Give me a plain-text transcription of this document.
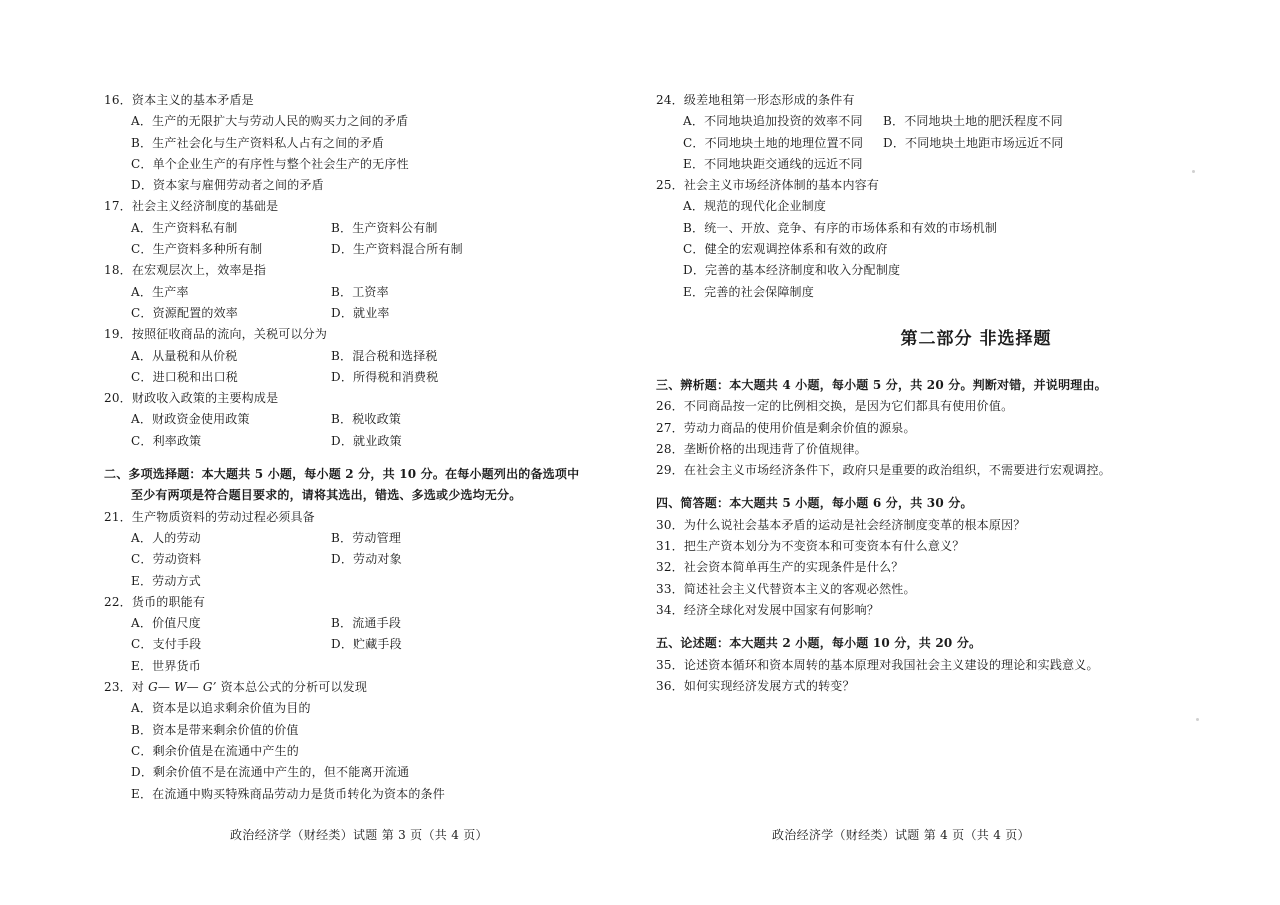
16．资本主义的基本矛盾是
A．生产的无限扩大与劳动人民的购买力之间的矛盾
B．生产社会化与生产资料私人占有之间的矛盾
C．单个企业生产的有序性与整个社会生产的无序性
D．资本家与雇佣劳动者之间的矛盾
17．社会主义经济制度的基础是
A．生产资料私有制	B．生产资料公有制
C．生产资料多种所有制	D．生产资料混合所有制
18．在宏观层次上，效率是指
A．生产率	B．工资率
C．资源配置的效率	D．就业率
19．按照征收商品的流向，关税可以分为
A．从量税和从价税	B．混合税和选择税
C．进口税和出口税	D．所得税和消费税
20．财政收入政策的主要构成是
A．财政资金使用政策	B．税收政策
C．利率政策	D．就业政策
二、多项选择题：本大题共 5 小题，每小题 2 分，共 10 分。在每小题列出的备选项中
至少有两项是符合题目要求的，请将其选出，错选、多选或少选均无分。
21．生产物质资料的劳动过程必须具备
A．人的劳动	B．劳动管理
C．劳动资料	D．劳动对象
E．劳动方式
22．货币的职能有
A．价值尺度	B．流通手段
C．支付手段	D．贮藏手段
E．世界货币
23．对 G— W— G’ 资本总公式的分析可以发现
A．资本是以追求剩余价值为目的
B．资本是带来剩余价值的价值
C．剩余价值是在流通中产生的
D．剩余价值不是在流通中产生的，但不能离开流通
E．在流通中购买特殊商品劳动力是货币转化为资本的条件
政治经济学（财经类）试题 第 3 页（共 4 页）
24．级差地租第一形态形成的条件有
A．不同地块追加投资的效率不同	B．不同地块土地的肥沃程度不同
C．不同地块土地的地理位置不同	D．不同地块土地距市场远近不同
E．不同地块距交通线的远近不同
25．社会主义市场经济体制的基本内容有
A．规范的现代化企业制度
B．统一、开放、竞争、有序的市场体系和有效的市场机制
C．健全的宏观调控体系和有效的政府
D．完善的基本经济制度和收入分配制度
E．完善的社会保障制度
第二部分 非选择题
三、辨析题：本大题共 4 小题，每小题 5 分，共 20 分。判断对错，并说明理由。
26．不同商品按一定的比例相交换，是因为它们都具有使用价值。
27．劳动力商品的使用价值是剩余价值的源泉。
28．垄断价格的出现违背了价值规律。
29．在社会主义市场经济条件下，政府只是重要的政治组织，不需要进行宏观调控。
四、简答题：本大题共 5 小题，每小题 6 分，共 30 分。
30．为什么说社会基本矛盾的运动是社会经济制度变革的根本原因？
31．把生产资本划分为不变资本和可变资本有什么意义？
32．社会资本简单再生产的实现条件是什么？
33．简述社会主义代替资本主义的客观必然性。
34．经济全球化对发展中国家有何影响？
五、论述题：本大题共 2 小题，每小题 10 分，共 20 分。
35．论述资本循环和资本周转的基本原理对我国社会主义建设的理论和实践意义。
36．如何实现经济发展方式的转变？
政治经济学（财经类）试题 第 4 页（共 4 页）
